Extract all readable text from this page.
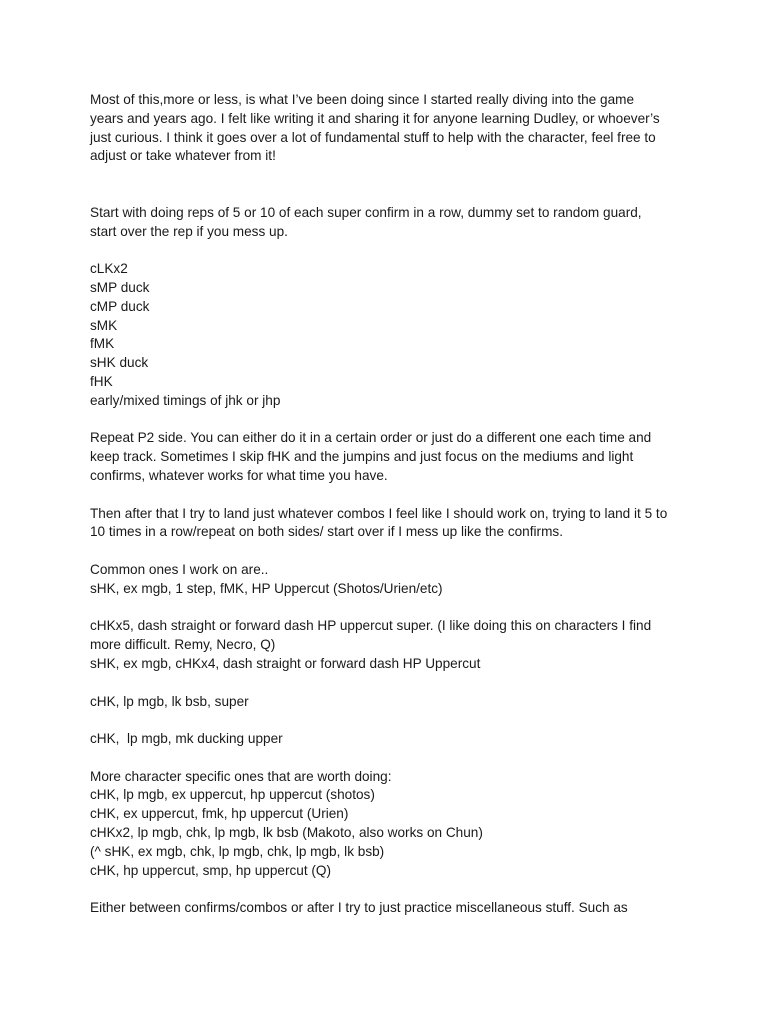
Most of this,more or less, is what I’ve been doing since I started really diving into the game
years and years ago. I felt like writing it and sharing it for anyone learning Dudley, or whoever’s
just curious. I think it goes over a lot of fundamental stuff to help with the character, feel free to
adjust or take whatever from it!
Start with doing reps of 5 or 10 of each super confirm in a row, dummy set to random guard,
start over the rep if you mess up.
cLKx2
sMP duck
cMP duck
sMK
fMK
sHK duck
fHK
early/mixed timings of jhk or jhp
Repeat P2 side. You can either do it in a certain order or just do a different one each time and
keep track. Sometimes I skip fHK and the jumpins and just focus on the mediums and light
confirms, whatever works for what time you have.
Then after that I try to land just whatever combos I feel like I should work on, trying to land it 5 to
10 times in a row/repeat on both sides/ start over if I mess up like the confirms.
Common ones I work on are..
sHK, ex mgb, 1 step, fMK, HP Uppercut (Shotos/Urien/etc)
cHKx5, dash straight or forward dash HP uppercut super. (I like doing this on characters I find
more difficult. Remy, Necro, Q)
sHK, ex mgb, cHKx4, dash straight or forward dash HP Uppercut
cHK, lp mgb, lk bsb, super
cHK,  lp mgb, mk ducking upper
More character specific ones that are worth doing:
cHK, lp mgb, ex uppercut, hp uppercut (shotos)
cHK, ex uppercut, fmk, hp uppercut (Urien)
cHKx2, lp mgb, chk, lp mgb, lk bsb (Makoto, also works on Chun)
(^ sHK, ex mgb, chk, lp mgb, chk, lp mgb, lk bsb)
cHK, hp uppercut, smp, hp uppercut (Q)
Either between confirms/combos or after I try to just practice miscellaneous stuff. Such as
